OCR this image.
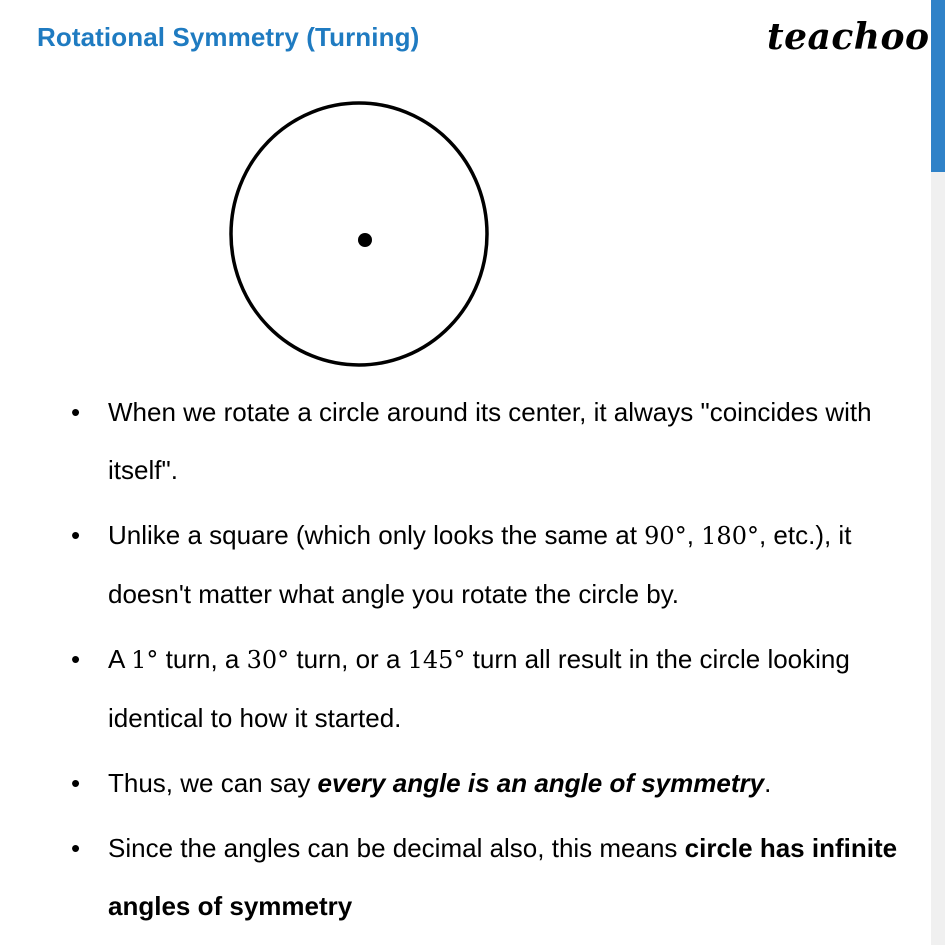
Rotational Symmetry (Turning)	teachoo
• When we rotate a circle around its center, it always "coincides with itself".
• Unlike a square (which only looks the same at 90°, 180°, etc.), it doesn't matter what angle you rotate the circle by.
• A 1° turn, a 30° turn, or a 145° turn all result in the circle looking identical to how it started.
• Thus, we can say every angle is an angle of symmetry.
• Since the angles can be decimal also, this means circle has infinite angles of symmetry
